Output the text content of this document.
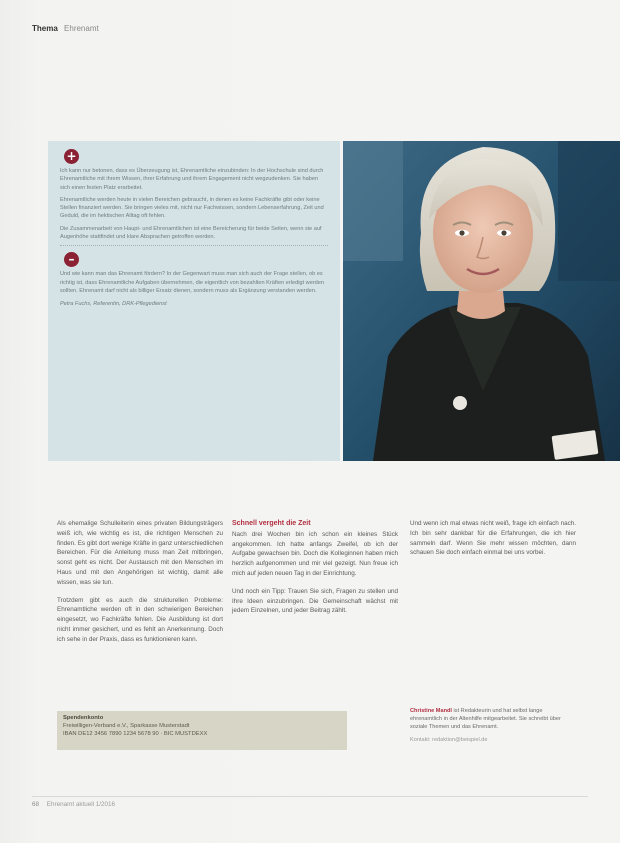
Thema Ehrenamt
+

Ich kann nur betonen, dass es Überzeugung ist, Ehrenamtliche einzubinden: In der Hochschule sind durch Ehrenamtliche mit ihrem Wissen, ihrer Erfahrung und ihrem Engagement nicht wegzudenken. Sie haben sich einen festen Platz erarbeitet.

Ehrenamtliche werden heute in vielen Bereichen gebraucht, in denen es keine Fachkräfte gibt oder keine Stellen finanziert werden. Sie bringen vieles mit, nicht nur Fachwissen, sondern Lebenserfahrung, Zeit und Geduld, die im hektischen Alltag oft fehlen.

Die Zusammenarbeit von Haupt- und Ehrenamtlichen ist eine Bereicherung für beide Seiten, wenn sie auf Augenhöhe stattfindet und klare Absprachen getroffen werden.

–

Und wie kann man das Ehrenamt fördern? In der Gegenwart muss man sich auch der Frage stellen, ob es richtig ist, dass Ehrenamtliche Aufgaben übernehmen, die eigentlich von bezahlten Kräften erledigt werden sollten. Ehrenamt darf nicht als billiger Ersatz dienen, sondern muss als Ergänzung verstanden werden.

Petra Fuchs, Referentin, DRK-Pflegedienst

Als ehemalige Schulleiterin eines privaten Bildungsträgers weiß ich, wie wichtig es ist, die richtigen Menschen zu finden. Es gibt dort wenige Kräfte in ganz unterschiedlichen Bereichen. Für die Anleitung muss man Zeit mitbringen, sonst geht es nicht. Der Austausch mit den Menschen im Haus und mit den Angehörigen ist wichtig, damit alle wissen, was sie tun.

Trotzdem gibt es auch die strukturellen Probleme: Ehrenamtliche werden oft in den schwierigen Bereichen eingesetzt, wo Fachkräfte fehlen. Die Ausbildung ist dort nicht immer gesichert, und es fehlt an Anerkennung. Doch ich sehe in der Praxis, dass es funktionieren kann.

Schnell vergeht die Zeit

Nach drei Wochen bin ich schon ein kleines Stück angekommen. Ich hatte anfangs Zweifel, ob ich der Aufgabe gewachsen bin. Doch die Kolleginnen haben mich herzlich aufgenommen und mir viel gezeigt. Nun freue ich mich auf jeden neuen Tag in der Einrichtung.

Und noch ein Tipp: Trauen Sie sich, Fragen zu stellen und Ihre Ideen einzubringen. Die Gemeinschaft wächst mit jedem Einzelnen, und jeder Beitrag zählt.

Und wenn ich mal etwas nicht weiß, frage ich einfach nach. Ich bin sehr dankbar für die Erfahrungen, die ich hier sammeln darf. Wenn Sie mehr wissen möchten, dann schauen Sie doch einfach einmal bei uns vorbei.

Spendenkonto
Freiwilligen-Verband e.V., Sparkasse Musterstadt
IBAN DE12 3456 7890 1234 5678 90 · BIC MUSTDEXX
Christine Mandl ist Redakteurin und hat selbst lange ehrenamtlich in der Altenhilfe mitgearbeitet. Sie schreibt über soziale Themen und das Ehrenamt.
Kontakt: redaktion@beispiel.de
68 Ehrenamt aktuell 1/2016
